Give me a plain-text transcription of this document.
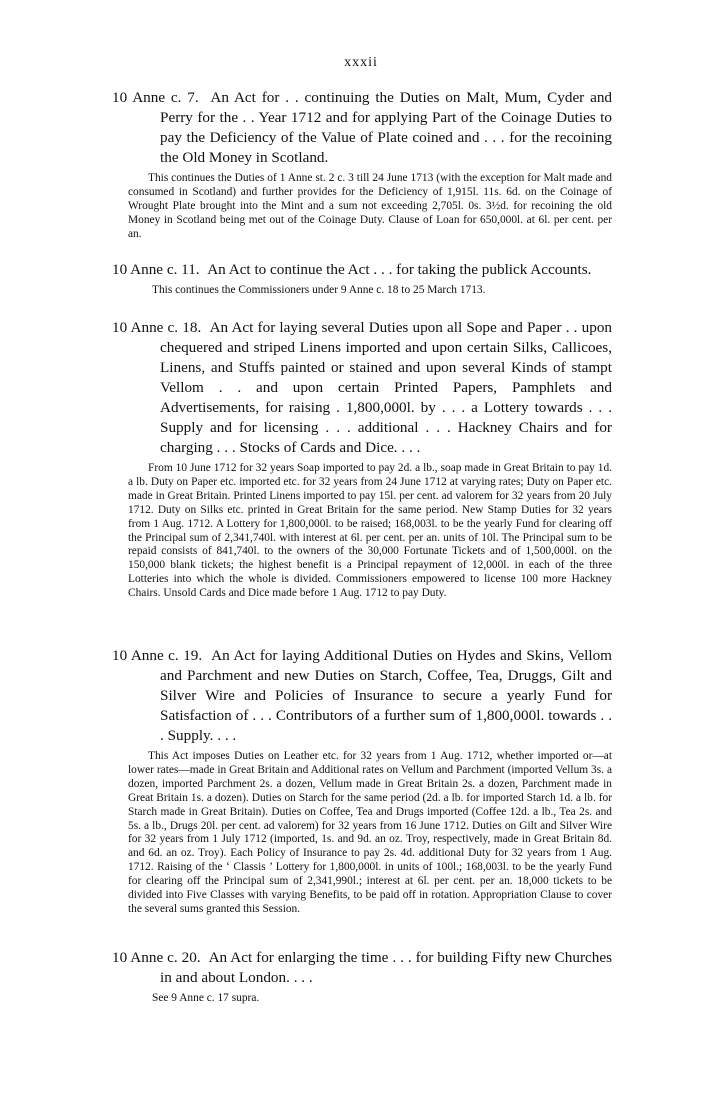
xxxii

10 Anne c. 7. An Act for . . continuing the Duties on Malt, Mum, Cyder and Perry for the . . Year 1712 and for applying Part of the Coinage Duties to pay the Deficiency of the Value of Plate coined and . . . for the recoining the Old Money in Scotland.

This continues the Duties of 1 Anne st. 2 c. 3 till 24 June 1713 (with the exception for Malt made and consumed in Scotland) and further provides for the Deficiency of 1,915l. 11s. 6d. on the Coinage of Wrought Plate brought into the Mint and a sum not exceeding 2,705l. 0s. 3½d. for recoining the old Money in Scotland being met out of the Coinage Duty. Clause of Loan for 650,000l. at 6l. per cent. per an.

10 Anne c. 11. An Act to continue the Act . . . for taking the publick Accounts.

This continues the Commissioners under 9 Anne c. 18 to 25 March 1713.

10 Anne c. 18. An Act for laying several Duties upon all Sope and Paper . . upon chequered and striped Linens imported and upon certain Silks, Callicoes, Linens, and Stuffs painted or stained and upon several Kinds of stampt Vellom . . and upon certain Printed Papers, Pamphlets and Advertisements, for raising . 1,800,000l. by . . . a Lottery towards . . . Supply and for licensing . . . additional . . . Hackney Chairs and for charging . . . Stocks of Cards and Dice. . . .

From 10 June 1712 for 32 years Soap imported to pay 2d. a lb., soap made in Great Britain to pay 1d. a lb. Duty on Paper etc. imported etc. for 32 years from 24 June 1712 at varying rates; Duty on Paper etc. made in Great Britain. Printed Linens imported to pay 15l. per cent. ad valorem for 32 years from 20 July 1712. Duty on Silks etc. printed in Great Britain for the same period. New Stamp Duties for 32 years from 1 Aug. 1712. A Lottery for 1,800,000l. to be raised; 168,003l. to be the yearly Fund for clearing off the Principal sum of 2,341,740l. with interest at 6l. per cent. per an. units of 10l. The Principal sum to be repaid consists of 841,740l. to the owners of the 30,000 Fortunate Tickets and of 1,500,000l. on the 150,000 blank tickets; the highest benefit is a Principal repayment of 12,000l. in each of the three Lotteries into which the whole is divided. Commissioners empowered to license 100 more Hackney Chairs. Unsold Cards and Dice made before 1 Aug. 1712 to pay Duty.

10 Anne c. 19. An Act for laying Additional Duties on Hydes and Skins, Vellom and Parchment and new Duties on Starch, Coffee, Tea, Druggs, Gilt and Silver Wire and Policies of Insurance to secure a yearly Fund for Satisfaction of . . . Contributors of a further sum of 1,800,000l. towards . . . Supply. . . .

This Act imposes Duties on Leather etc. for 32 years from 1 Aug. 1712, whether imported or—at lower rates—made in Great Britain and Additional rates on Vellum and Parchment (imported Vellum 3s. a dozen, imported Parchment 2s. a dozen, Vellum made in Great Britain 2s. a dozen, Parchment made in Great Britain 1s. a dozen). Duties on Starch for the same period (2d. a lb. for imported Starch 1d. a lb. for Starch made in Great Britain). Duties on Coffee, Tea and Drugs imported (Coffee 12d. a lb., Tea 2s. and 5s. a lb., Drugs 20l. per cent. ad valorem) for 32 years from 16 June 1712. Duties on Gilt and Silver Wire for 32 years from 1 July 1712 (imported, 1s. and 9d. an oz. Troy, respectively, made in Great Britain 8d. and 6d. an oz. Troy). Each Policy of Insurance to pay 2s. 4d. additional Duty for 32 years from 1 Aug. 1712. Raising of the ‘ Classis ’ Lottery for 1,800,000l. in units of 100l.; 168,003l. to be the yearly Fund for clearing off the Principal sum of 2,341,990l.; interest at 6l. per cent. per an. 18,000 tickets to be divided into Five Classes with varying Benefits, to be paid off in rotation. Appropriation Clause to cover the several sums granted this Session.

10 Anne c. 20. An Act for enlarging the time . . . for building Fifty new Churches in and about London. . . .

See 9 Anne c. 17 supra.
